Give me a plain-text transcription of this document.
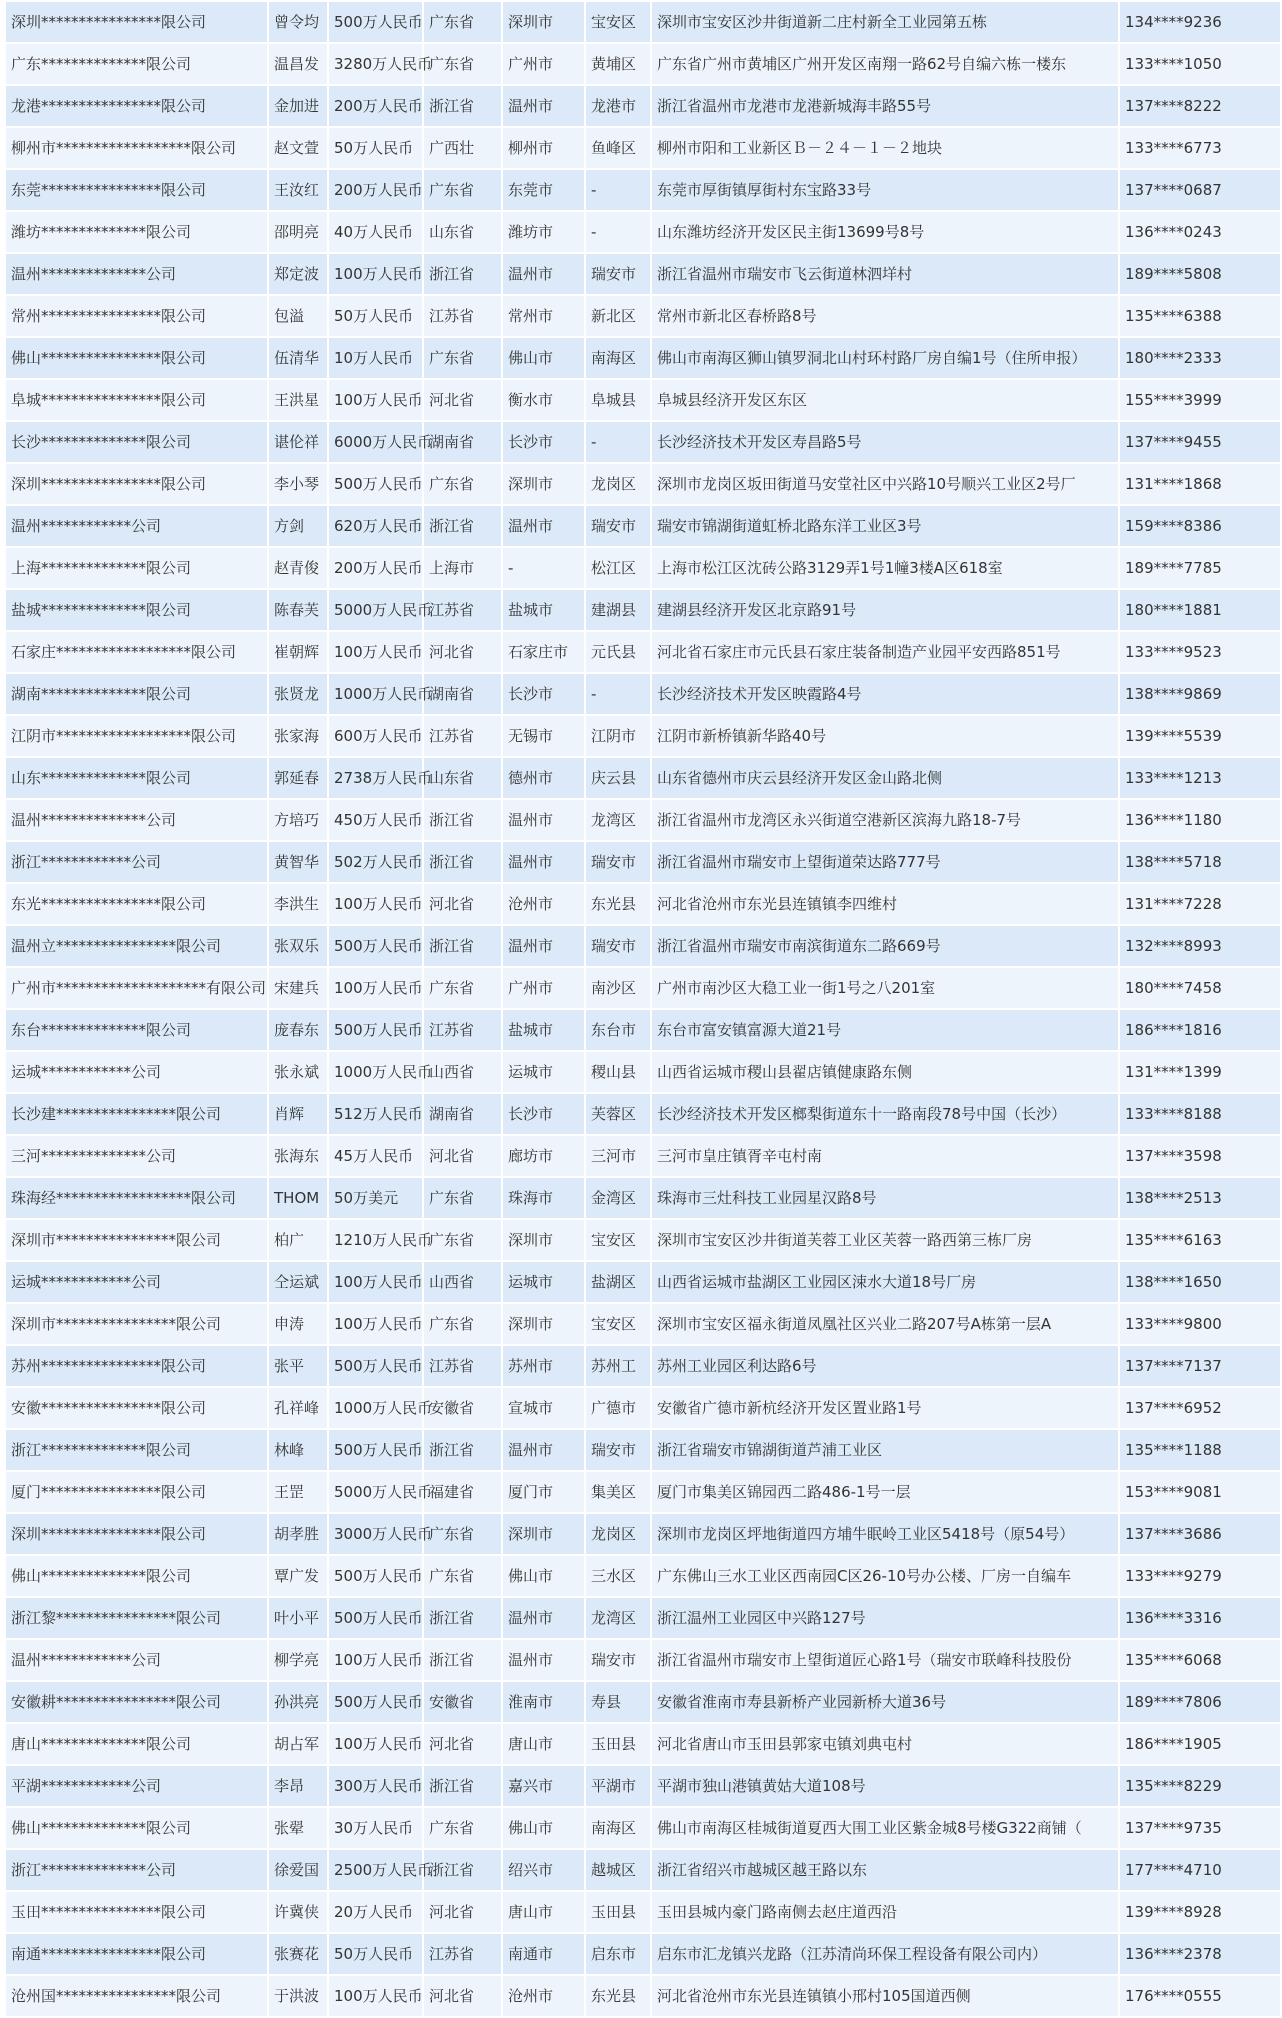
深圳****************限公司	曾令均	500万人民币	广东省	深圳市	宝安区	深圳市宝安区沙井街道新二庄村新全工业园第五栋	134****9236
广东**************限公司	温昌发	3280万人民币	广东省	广州市	黄埔区	广东省广州市黄埔区广州开发区南翔一路62号自编六栋一楼东	133****1050
龙港****************限公司	金加进	200万人民币	浙江省	温州市	龙港市	浙江省温州市龙港市龙港新城海丰路55号	137****8222
柳州市******************限公司	赵文萱	50万人民币	广西壮	柳州市	鱼峰区	柳州市阳和工业新区Ｂ－２４－１－２地块	133****6773
东莞****************限公司	王汝红	200万人民币	广东省	东莞市	-	东莞市厚街镇厚街村东宝路33号	137****0687
潍坊**************限公司	邵明亮	40万人民币	山东省	潍坊市	-	山东潍坊经济开发区民主街13699号8号	136****0243
温州**************公司	郑定波	100万人民币	浙江省	温州市	瑞安市	浙江省温州市瑞安市飞云街道林泗垟村	189****5808
常州****************限公司	包溢	50万人民币	江苏省	常州市	新北区	常州市新北区春桥路8号	135****6388
佛山****************限公司	伍清华	10万人民币	广东省	佛山市	南海区	佛山市南海区狮山镇罗洞北山村环村路厂房自编1号（住所申报）	180****2333
阜城****************限公司	王洪星	100万人民币	河北省	衡水市	阜城县	阜城县经济开发区东区	155****3999
长沙**************限公司	谌伦祥	6000万人民币	湖南省	长沙市	-	长沙经济技术开发区寿昌路5号	137****9455
深圳****************限公司	李小琴	500万人民币	广东省	深圳市	龙岗区	深圳市龙岗区坂田街道马安堂社区中兴路10号顺兴工业区2号厂	131****1868
温州************公司	方剑	620万人民币	浙江省	温州市	瑞安市	瑞安市锦湖街道虹桥北路东洋工业区3号	159****8386
上海**************限公司	赵青俊	200万人民币	上海市	-	松江区	上海市松江区沈砖公路3129弄1号1幢3楼A区618室	189****7785
盐城**************限公司	陈春芙	5000万人民币	江苏省	盐城市	建湖县	建湖县经济开发区北京路91号	180****1881
石家庄******************限公司	崔朝辉	100万人民币	河北省	石家庄市	元氏县	河北省石家庄市元氏县石家庄装备制造产业园平安西路851号	133****9523
湖南**************限公司	张贤龙	1000万人民币	湖南省	长沙市	-	长沙经济技术开发区映霞路4号	138****9869
江阴市******************限公司	张家海	600万人民币	江苏省	无锡市	江阴市	江阴市新桥镇新华路40号	139****5539
山东**************限公司	郭延春	2738万人民币	山东省	德州市	庆云县	山东省德州市庆云县经济开发区金山路北侧	133****1213
温州**************公司	方培巧	450万人民币	浙江省	温州市	龙湾区	浙江省温州市龙湾区永兴街道空港新区滨海九路18-7号	136****1180
浙江************公司	黄智华	502万人民币	浙江省	温州市	瑞安市	浙江省温州市瑞安市上望街道荣达路777号	138****5718
东光****************限公司	李洪生	100万人民币	河北省	沧州市	东光县	河北省沧州市东光县连镇镇李四维村	131****7228
温州立****************限公司	张双乐	500万人民币	浙江省	温州市	瑞安市	浙江省温州市瑞安市南滨街道东二路669号	132****8993
广州市********************有限公司	宋建兵	100万人民币	广东省	广州市	南沙区	广州市南沙区大稳工业一街1号之八201室	180****7458
东台**************限公司	庞春东	500万人民币	江苏省	盐城市	东台市	东台市富安镇富源大道21号	186****1816
运城************公司	张永斌	1000万人民币	山西省	运城市	稷山县	山西省运城市稷山县翟店镇健康路东侧	131****1399
长沙建****************限公司	肖辉	512万人民币	湖南省	长沙市	芙蓉区	长沙经济技术开发区榔梨街道东十一路南段78号中国（长沙）	133****8188
三河**************公司	张海东	45万人民币	河北省	廊坊市	三河市	三河市皇庄镇胥辛屯村南	137****3598
珠海经******************限公司	THOM	50万美元	广东省	珠海市	金湾区	珠海市三灶科技工业园星汉路8号	138****2513
深圳市****************限公司	柏广	1210万人民币	广东省	深圳市	宝安区	深圳市宝安区沙井街道芙蓉工业区芙蓉一路西第三栋厂房	135****6163
运城************公司	仝运斌	100万人民币	山西省	运城市	盐湖区	山西省运城市盐湖区工业园区涑水大道18号厂房	138****1650
深圳市****************限公司	申涛	100万人民币	广东省	深圳市	宝安区	深圳市宝安区福永街道凤凰社区兴业二路207号A栋第一层A	133****9800
苏州****************限公司	张平	500万人民币	江苏省	苏州市	苏州工	苏州工业园区利达路6号	137****7137
安徽****************限公司	孔祥峰	1000万人民币	安徽省	宣城市	广德市	安徽省广德市新杭经济开发区置业路1号	137****6952
浙江**************限公司	林峰	500万人民币	浙江省	温州市	瑞安市	浙江省瑞安市锦湖街道芦浦工业区	135****1188
厦门****************限公司	王罡	5000万人民币	福建省	厦门市	集美区	厦门市集美区锦园西二路486-1号一层	153****9081
深圳****************限公司	胡孝胜	3000万人民币	广东省	深圳市	龙岗区	深圳市龙岗区坪地街道四方埔牛眠岭工业区5418号（原54号）	137****3686
佛山**************限公司	覃广发	500万人民币	广东省	佛山市	三水区	广东佛山三水工业区西南园C区26-10号办公楼、厂房一自编车	133****9279
浙江黎****************限公司	叶小平	500万人民币	浙江省	温州市	龙湾区	浙江温州工业园区中兴路127号	136****3316
温州************公司	柳学亮	100万人民币	浙江省	温州市	瑞安市	浙江省温州市瑞安市上望街道匠心路1号（瑞安市联峰科技股份	135****6068
安徽耕****************限公司	孙洪亮	500万人民币	安徽省	淮南市	寿县	安徽省淮南市寿县新桥产业园新桥大道36号	189****7806
唐山**************限公司	胡占军	100万人民币	河北省	唐山市	玉田县	河北省唐山市玉田县郭家屯镇刘典屯村	186****1905
平湖************公司	李昂	300万人民币	浙江省	嘉兴市	平湖市	平湖市独山港镇黄姑大道108号	135****8229
佛山**************限公司	张翚	30万人民币	广东省	佛山市	南海区	佛山市南海区桂城街道夏西大围工业区紫金城8号楼G322商铺（	137****9735
浙江**************公司	徐爱国	2500万人民币	浙江省	绍兴市	越城区	浙江省绍兴市越城区越王路以东	177****4710
玉田****************限公司	许冀侠	20万人民币	河北省	唐山市	玉田县	玉田县城内豪门路南侧去赵庄道西沿	139****8928
南通****************限公司	张赛花	50万人民币	江苏省	南通市	启东市	启东市汇龙镇兴龙路（江苏清尚环保工程设备有限公司内）	136****2378
沧州国****************限公司	于洪波	100万人民币	河北省	沧州市	东光县	河北省沧州市东光县连镇镇小邢村105国道西侧	176****0555
